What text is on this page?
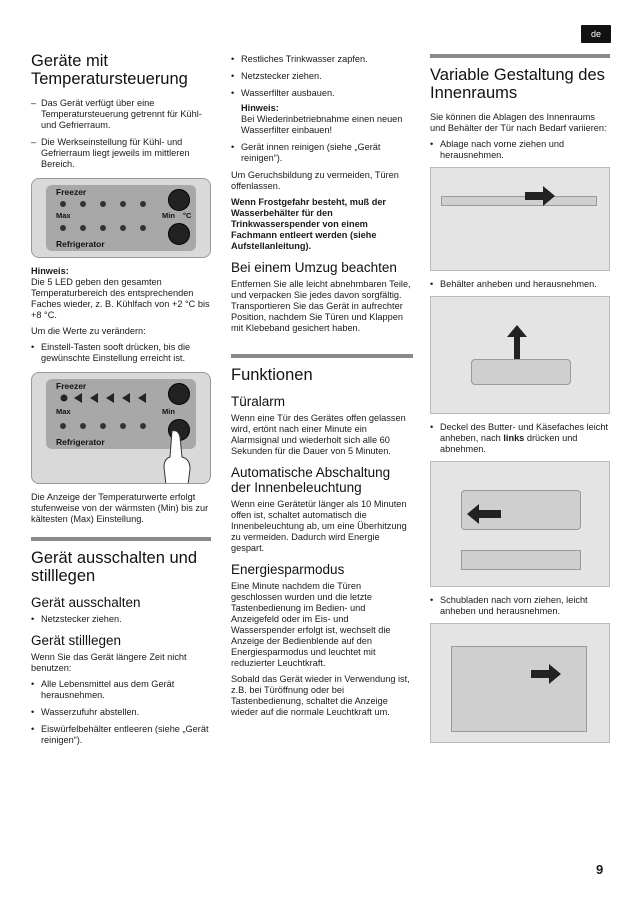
de
Geräte mit Temperatursteuerung
– Das Gerät verfügt über eine Temperatursteuerung getrennt für Kühl- und Gefrierraum.
– Die Werkseinstellung für Kühl- und Gefrierraum liegt jeweils im mittleren Bereich.
Freezer
Max	Min °C
Refrigerator

Hinweis:

Die 5 LED geben den gesamten Temperaturbereich des entsprechenden Faches wieder, z. B. Kühlfach von +2 °C bis +8 °C.

Um die Werte zu verändern:

• Einstell-Tasten sooft drücken, bis die gewünschte Einstellung erreicht ist.
Freezer
Max	Min
Refrigerator

Die Anzeige der Temperaturwerte erfolgt stufenweise von der wärmsten (Min) bis zur kältesten (Max) Einstellung.

Gerät ausschalten und stilllegen
Gerät ausschalten
• Netzstecker ziehen.
Gerät stilllegen

Wenn Sie das Gerät längere Zeit nicht benutzen:

• Alle Lebensmittel aus dem Gerät herausnehmen.
• Wasserzufuhr abstellen.
• Eiswürfelbehälter entleeren (siehe „Gerät reinigen“).
• Restliches Trinkwasser zapfen.
• Netzstecker ziehen.
• Wasserfilter ausbauen.

Hinweis:

Bei Wiederinbetriebnahme einen neuen Wasserfilter einbauen!

• Gerät innen reinigen (siehe „Gerät reinigen“).

Um Geruchsbildung zu vermeiden, Türen offenlassen.

Wenn Frostgefahr besteht, muß der Wasserbehälter für den Trinkwasserspender von einem Fachmann entleert werden (siehe Aufstellanleitung).

Bei einem Umzug beachten

Entfernen Sie alle leicht abnehmbaren Teile, und verpacken Sie jedes davon sorgfältig. Transportieren Sie das Gerät in aufrechter Position, nachdem Sie Türen und Klappen mit Klebeband gesichert haben.

Funktionen
Türalarm

Wenn eine Tür des Gerätes offen gelassen wird, ertönt nach einer Minute ein Alarmsignal und wiederholt sich alle 60 Sekunden für die Dauer von 5 Minuten.

Automatische Abschaltung der Innenbeleuchtung

Wenn eine Gerätetür länger als 10 Minuten offen ist, schaltet automatisch die Innenbeleuchtung ab, um eine Überhitzung zu vermeiden. Dadurch wird Energie gespart.

Energiesparmodus

Eine Minute nachdem die Türen geschlossen wurden und die letzte Tastenbedienung im Bedien- und Anzeigefeld oder im Eis- und Wasserspender erfolgt ist, wechselt die Anzeige der Bedienblende auf den Energiesparmodus und leuchtet mit reduzierter Leuchtkraft.

Sobald das Gerät wieder in Verwendung ist, z.B. bei Türöffnung oder bei Tastenbedienung, schaltet die Anzeige wieder auf die normale Leuchtkraft um.

Variable Gestaltung des Innenraums

Sie können die Ablagen des Innenraums und Behälter der Tür nach Bedarf variieren:

• Ablage nach vorne ziehen und herausnehmen.
• Behälter anheben und herausnehmen.
• Deckel des Butter- und Käsefaches leicht anheben, nach links drücken und abnehmen.
• Schubladen nach vorn ziehen, leicht anheben und herausnehmen.
9
